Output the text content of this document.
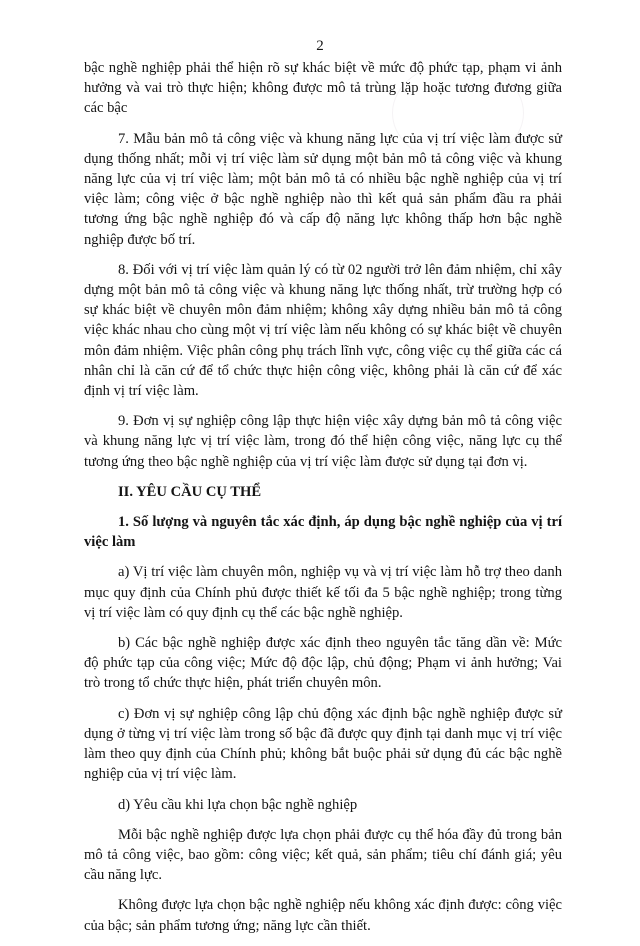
2

bậc nghề nghiệp phải thể hiện rõ sự khác biệt về mức độ phức tạp, phạm vi ảnh hưởng và vai trò thực hiện; không được mô tả trùng lặp hoặc tương đương giữa các bậc

7. Mẫu bản mô tả công việc và khung năng lực của vị trí việc làm được sử dụng thống nhất; mỗi vị trí việc làm sử dụng một bản mô tả công việc và khung năng lực của vị trí việc làm; một bản mô tả có nhiều bậc nghề nghiệp của vị trí việc làm; công việc ở bậc nghề nghiệp nào thì kết quả sản phẩm đầu ra phải tương ứng bậc nghề nghiệp đó và cấp độ năng lực không thấp hơn bậc nghề nghiệp được bố trí.

8. Đối với vị trí việc làm quản lý có từ 02 người trở lên đảm nhiệm, chỉ xây dựng một bản mô tả công việc và khung năng lực thống nhất, trừ trường hợp có sự khác biệt về chuyên môn đảm nhiệm; không xây dựng nhiều bản mô tả công việc khác nhau cho cùng một vị trí việc làm nếu không có sự khác biệt về chuyên môn đảm nhiệm. Việc phân công phụ trách lĩnh vực, công việc cụ thể giữa các cá nhân chỉ là căn cứ để tổ chức thực hiện công việc, không phải là căn cứ để xác định vị trí việc làm.

9. Đơn vị sự nghiệp công lập thực hiện việc xây dựng bản mô tả công việc và khung năng lực vị trí việc làm, trong đó thể hiện công việc, năng lực cụ thể tương ứng theo bậc nghề nghiệp của vị trí việc làm được sử dụng tại đơn vị.

II. YÊU CẦU CỤ THỂ
1. Số lượng và nguyên tắc xác định, áp dụng bậc nghề nghiệp của vị trí việc làm

a) Vị trí việc làm chuyên môn, nghiệp vụ và vị trí việc làm hỗ trợ theo danh mục quy định của Chính phủ được thiết kế tối đa 5 bậc nghề nghiệp; trong từng vị trí việc làm có quy định cụ thể các bậc nghề nghiệp.

b) Các bậc nghề nghiệp được xác định theo nguyên tắc tăng dần về: Mức độ phức tạp của công việc; Mức độ độc lập, chủ động; Phạm vi ảnh hưởng; Vai trò trong tổ chức thực hiện, phát triển chuyên môn.

c) Đơn vị sự nghiệp công lập chủ động xác định bậc nghề nghiệp được sử dụng ở từng vị trí việc làm trong số bậc đã được quy định tại danh mục vị trí việc làm theo quy định của Chính phủ; không bắt buộc phải sử dụng đủ các bậc nghề nghiệp của vị trí việc làm.

d) Yêu cầu khi lựa chọn bậc nghề nghiệp

Mỗi bậc nghề nghiệp được lựa chọn phải được cụ thể hóa đầy đủ trong bản mô tả công việc, bao gồm: công việc; kết quả, sản phẩm; tiêu chí đánh giá; yêu cầu năng lực.

Không được lựa chọn bậc nghề nghiệp nếu không xác định được: công việc của bậc; sản phẩm tương ứng; năng lực cần thiết.
